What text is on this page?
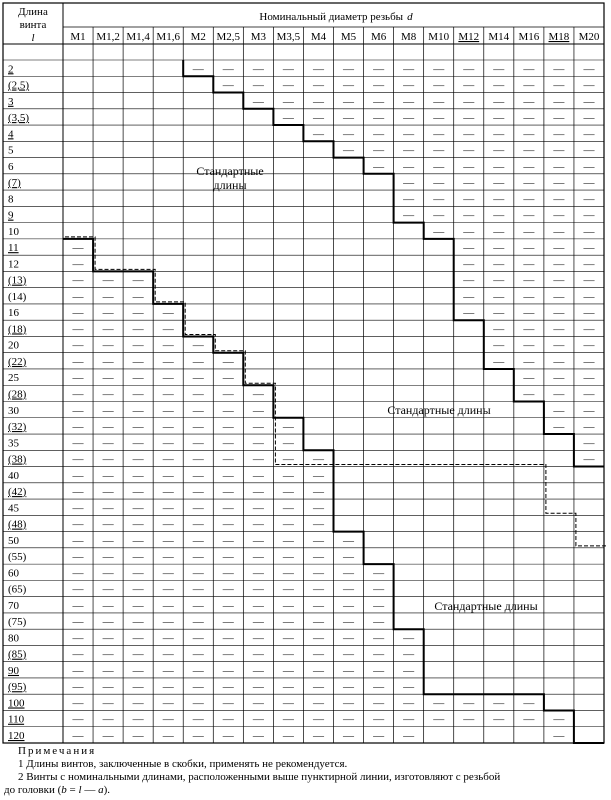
Длина
винта
l
Номинальный диаметр резьбы d
М1 М1,2 М1,4 М1,6 М2 М2,5 М3 М3,5 М4 М5 М6 М8 М10 М12 М14 М16 М18 М20
2
(2,5)
3
(3,5)
4
5
6
(7)
8
9
10
11
12
(13)
(14)
16
(18)
20
(22)
25
(28)
30
(32)
35
(38)
40
(42)
45
(48)
50
(55)
60
(65)
70
(75)
80
(85)
90
(95)
100
110
120
—
—
—
—
—
—
—
—
—
—
—
—
—
—
—
—
—
—
—
—
—
—
—
—
—
—
—
—
—
—
—
—
—
—
—
—
—
—
—
—
—
—
—
—
—
—
—
—
—
—
—
—
—
—
—
—
—
—
—
—
—
—
—
—
—
—
—
—
—
—
—
—
—
—
—
—
—
—
—
—
—
—
—
—
—
—
—
—
—
—
—
—
—
—
—
—
—
—
—
—
—
—
—
—
—
—
—
—
—
—
—
—
—
—
—
—
—
—
—
—
—
—
—
—
—
—
—
—
—
—
—
—
—
—
—
—
—
—
—
—
—
—
—
—
—
—
—
—
—
—
—
—
—
—
—
—
—
—
—
—
—
—
—
—
—
—
—
—
—
—
—
—
—
—
—
—
—
—
—
—
—
—
—
—
—
—
—
—
—
—
—
—
—
—
—
—
—
—
—
—
—
—
—
—
—
—
—
—
—
—
—
—
—
—
—
—
—
—
—
—
—
—
—
—
—
—
—
—
—
—
—
—
—
—
—
—
—
—
—
—
—
—
—
—
—
—
—
—
—
—
—
—
—
—
—
—
—
—
—
—
—
—
—
—
—
—
—
—
—
—
—
—
—
—
—
—
—
—
—
—
—
—
—
—
—
—
—
—
—
—
—
—
—
—
—
—
—
—
—
—
—
—
—
—
—
—
—
—
—
—
—
—
—
—
—
—
—
—
—
—
—
—
—
—
—
—
—
—
—
—
—
—
—
—
—
—
—
—
—
—
—
—
—
—
—
—
—
—
—
—
—
—
—
—
—
—
—
—
—
—
—
—
—
—
—
—
—
—
—
—
—
—
—
—
—
—
—
—
—
—
—
—
—
—
—
—
—
—
—
—
—
—
—
—
—
—
—
—
—
—
—
—
—
—
—
—
—
—
—
—
—
—
—
—
—
—
—
—
—
Стандартные
длины
Стандартные длины
Стандартные длины
Примечания
1 Длины винтов, заключенные в скобки, применять не рекомендуется.
2 Винты с номинальными длинами, расположенными выше пунктирной линии, изготовляют с резьбой
до головки (b = l — a).
